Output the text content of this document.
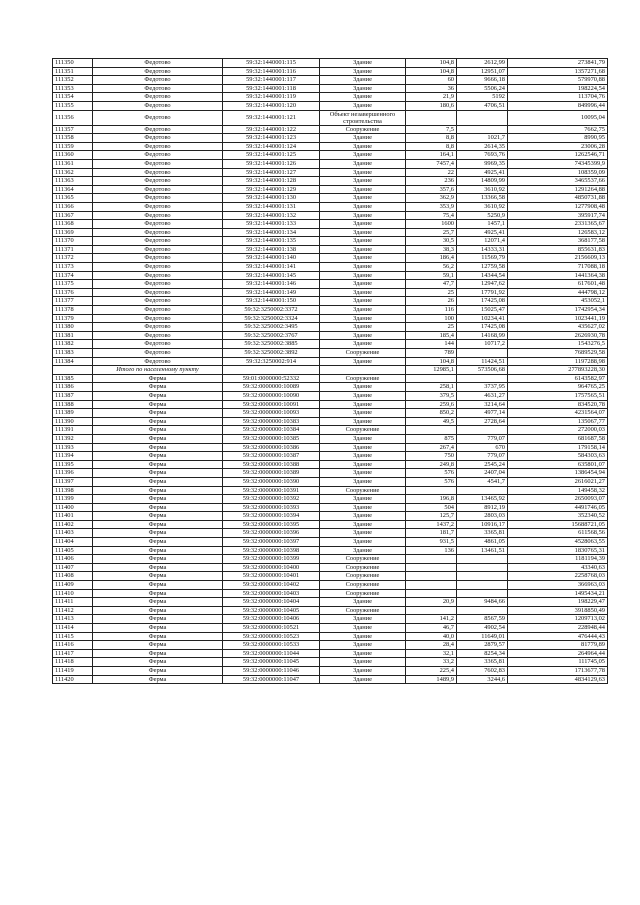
111350	Федотово	59:32:1440001:115	Здание	104,8	2612,99	273841,79
111351	Федотово	59:32:1440001:116	Здание	104,8	12951,07	1357271,68
111352	Федотово	59:32:1440001:117	Здание	60	9666,18	579970,88
111353	Федотово	59:32:1440001:118	Здание	36	5506,24	198224,54
111354	Федотово	59:32:1440001:119	Здание	21,9	5192	113704,76
111355	Федотово	59:32:1440001:120	Здание	180,6	4706,51	849996,44
111356	Федотово	59:32:1440001:121	Объект незавершенного строительства			10095,04
111357	Федотово	59:32:1440001:122	Сооружение	7,5		7662,75
111358	Федотово	59:32:1440001:123	Здание	8,8	1021,7	8990,95
111359	Федотово	59:32:1440001:124	Здание	8,8	2614,35	23006,28
111360	Федотово	59:32:1440001:125	Здание	164,1	7693,76	1262546,71
111361	Федотово	59:32:1440001:126	Здание	7457,4	9969,35	74345399,9
111362	Федотово	59:32:1440001:127	Здание	22	4925,41	108359,09
111363	Федотово	59:32:1440001:128	Здание	236	14809,99	3465537,66
111364	Федотово	59:32:1440001:129	Здание	357,6	3610,92	1291264,88
111365	Федотово	59:32:1440001:130	Здание	362,9	13366,58	4850731,88
111366	Федотово	59:32:1440001:131	Здание	353,9	3610,92	1277908,48
111367	Федотово	59:32:1440001:132	Здание	75,4	5250,9	395917,74
111368	Федотово	59:32:1440001:133	Здание	1600	1457,1	2331365,67
111369	Федотово	59:32:1440001:134	Здание	25,7	4925,41	126583,12
111370	Федотово	59:32:1440001:135	Здание	30,5	12071,4	368177,58
111371	Федотово	59:32:1440001:138	Здание	38,3	14333,31	855631,83
111372	Федотово	59:32:1440001:140	Здание	186,4	11569,79	2156609,13
111373	Федотово	59:32:1440001:141	Здание	56,2	12759,58	717088,18
111374	Федотово	59:32:1440001:145	Здание	59,1	14344,54	1441364,38
111375	Федотово	59:32:1440001:146	Здание	47,7	12947,62	617601,48
111376	Федотово	59:32:1440001:149	Здание	25	17791,92	444798,12
111377	Федотово	59:32:1440001:150	Здание	26	17425,08	453052,1
111378	Федотово	59:32:3250002:3372	Здание	116	15025,47	1742954,34
111379	Федотово	59:32:3250002:3324	Здание	100	10234,41	1023441,19
111380	Федотово	59:32:3250002:3495	Здание	25	17425,08	435627,02
111381	Федотово	59:32:3250002:3767	Здание	185,4	14168,99	2626930,78
111382	Федотово	59:32:3250002:3885	Здание	144	10717,2	1543276,5
111383	Федотово	59:32:3250002:3892	Сооружение	789		7689529,58
111384	Федотово	59:32:3250002:914	Здание	104,8	11424,51	1197288,98
	Итого по населенному пункту			12985,1	573506,68	277893228,30
111385	Ферма	59:01:0000000:52332	Сооружение			6143582,97
111386	Ферма	59:32:0000000:10089	Здание	258,1	3737,95	964765,25
111387	Ферма	59:32:0000000:10090	Здание	379,5	4631,27	1757565,51
111388	Ферма	59:32:0000000:10091	Здание	259,6	3214,64	834520,78
111389	Ферма	59:32:0000000:10093	Здание	850,2	4977,14	4231564,07
111390	Ферма	59:32:0000000:10383	Здание	49,5	2728,64	135067,77
111391	Ферма	59:32:0000000:10384	Сооружение			272000,03
111392	Ферма	59:32:0000000:10385	Здание	875	779,07	681687,58
111393	Ферма	59:32:0000000:10386	Здание	267,4	670	179158,14
111394	Ферма	59:32:0000000:10387	Здание	750	779,07	584303,63
111395	Ферма	59:32:0000000:10388	Здание	249,8	2545,24	635801,07
111396	Ферма	59:32:0000000:10389	Здание	576	2407,04	1386454,94
111397	Ферма	59:32:0000000:10390	Здание	576	4541,7	2616021,27
111398	Ферма	59:32:0000000:10391	Сооружение			149458,32
111399	Ферма	59:32:0000000:10392	Здание	196,8	13465,92	2650093,07
111400	Ферма	59:32:0000000:10393	Здание	504	8912,19	4491746,05
111401	Ферма	59:32:0000000:10394	Здание	125,7	2803,03	352340,52
111402	Ферма	59:32:0000000:10395	Здание	1437,2	10916,17	15688721,05
111403	Ферма	59:32:0000000:10396	Здание	181,7	3365,81	611568,56
111404	Ферма	59:32:0000000:10397	Здание	931,5	4861,05	4528063,55
111405	Ферма	59:32:0000000:10398	Здание	136	13461,51	1830765,31
111406	Ферма	59:32:0000000:10399	Сооружение			1181194,39
111407	Ферма	59:32:0000000:10400	Сооружение			43340,63
111408	Ферма	59:32:0000000:10401	Сооружение			2258768,03
111409	Ферма	59:32:0000000:10402	Сооружение			366963,03
111410	Ферма	59:32:0000000:10403	Сооружение			1495434,21
111411	Ферма	59:32:0000000:10404	Здание	20,9	9484,66	198229,47
111412	Ферма	59:32:0000000:10405	Сооружение			3918850,49
111413	Ферма	59:32:0000000:10406	Здание	141,2	8567,59	1209713,02
111414	Ферма	59:32:0000000:10521	Здание	46,7	4902,54	228948,44
111415	Ферма	59:32:0000000:10523	Здание	40,0	11649,01	476444,43
111416	Ферма	59:32:0000000:10533	Здание	28,4	2879,57	81779,89
111417	Ферма	59:32:0000000:11044	Здание	32,1	8254,34	264964,44
111418	Ферма	59:32:0000000:11045	Здание	33,2	3365,81	111745,05
111419	Ферма	59:32:0000000:11046	Здание	225,4	7602,83	1713677,78
111420	Ферма	59:32:0000000:11047	Здание	1489,9	3244,6	4834129,63
